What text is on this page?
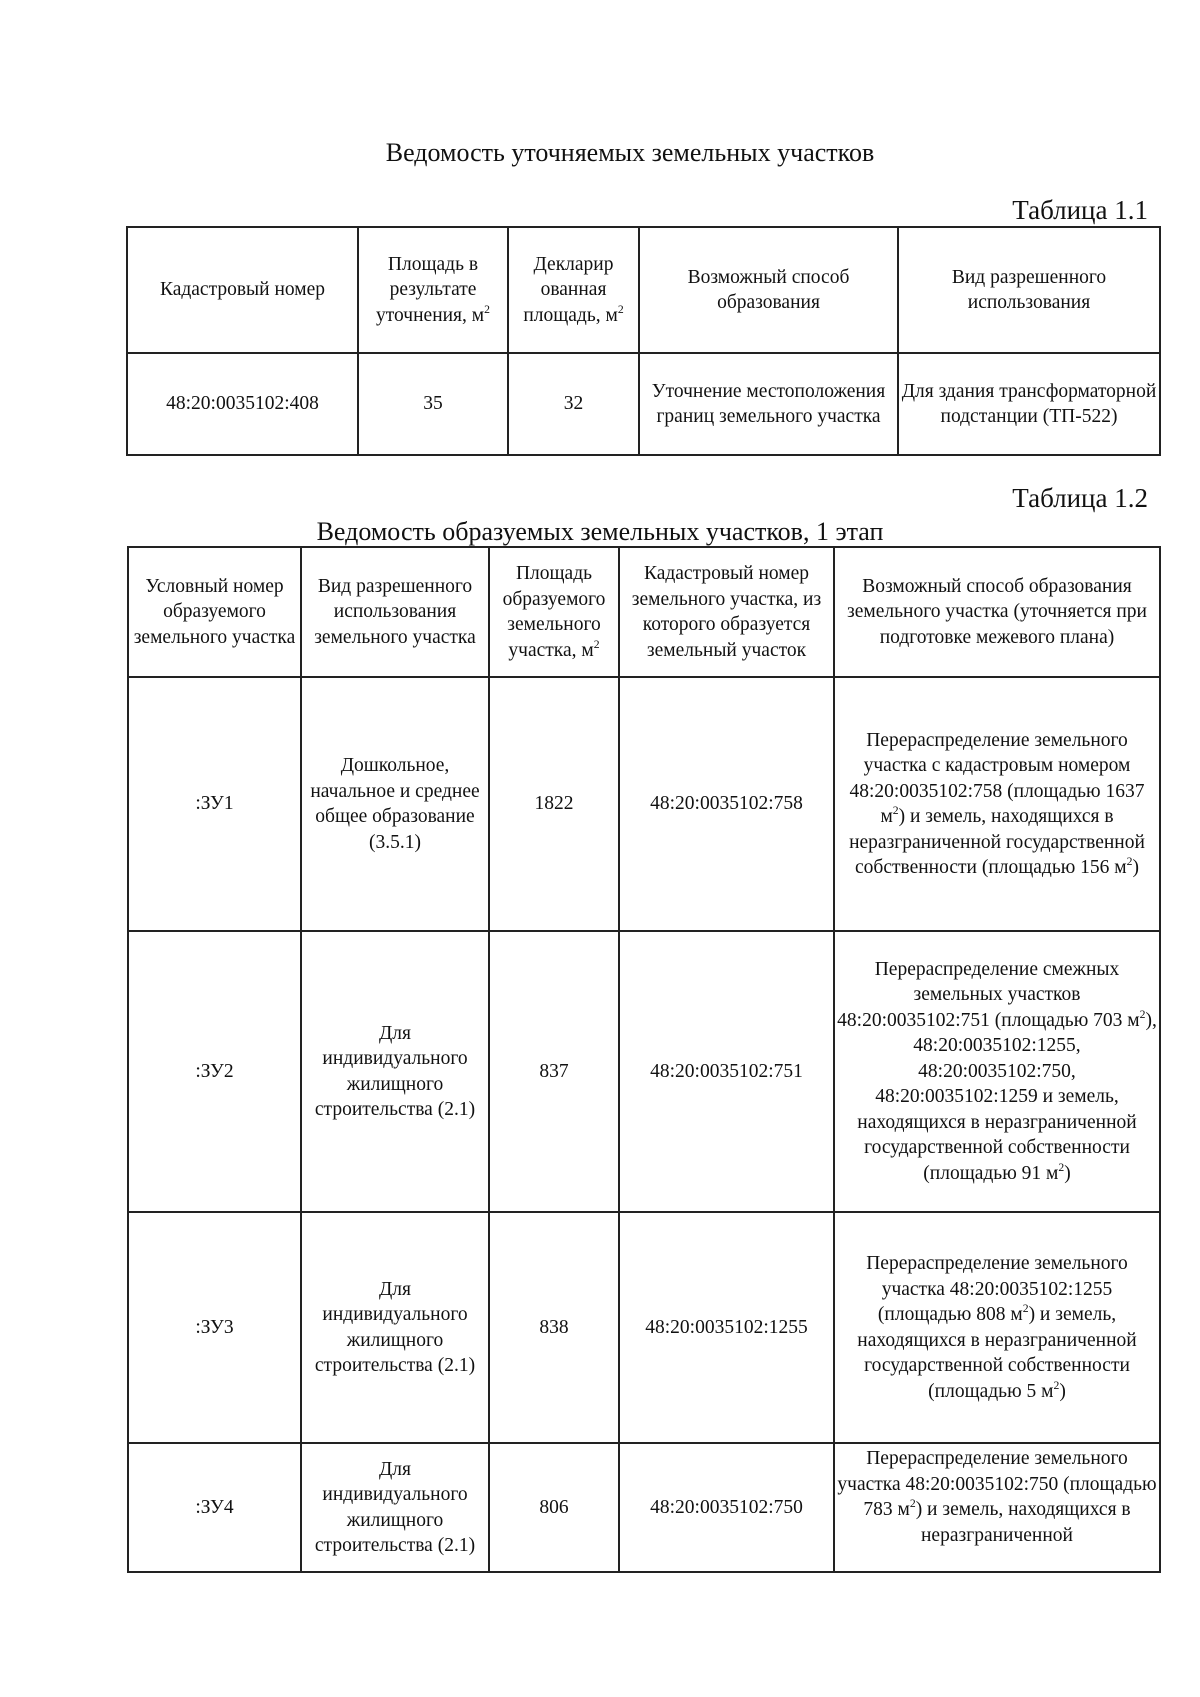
Ведомость уточняемых земельных участков
Таблица 1.1
Кадастровый номер	Площадь в результате уточнения, $м^2$	Декларир ованная площадь, $м^2$	Возможный способ образования	Вид разрешенного использования
48:20:0035102:408	35	32	Уточнение местоположения границ земельного участка	Для здания трансформаторной подстанции (ТП-522)
Таблица 1.2
Ведомость образуемых земельных участков, 1 этап
Условный номер образуемого земельного участка	Вид разрешенного использования земельного участка	Площадь образуемого земельного участка, $м^2$	Кадастровый номер земельного участка, из которого образуется земельный участок	Возможный способ образования земельного участка (уточняется при подготовке межевого плана)
:ЗУ1	Дошкольное, начальное и среднее общее образование (3.5.1)	1822	48:20:0035102:758	Перераспределение земельного участка с кадастровым номером 48:20:0035102:758 (площадью 1637 $м^2$) и земель, находящихся в неразграниченной государственной собственности (площадью 156 $м^2$)
:ЗУ2	Для индивидуального жилищного строительства (2.1)	837	48:20:0035102:751	Перераспределение смежных земельных участков 48:20:0035102:751 (площадью 703 $м^2$), 48:20:0035102:1255, 48:20:0035102:750, 48:20:0035102:1259 и земель, находящихся в неразграниченной государственной собственности (площадью 91 $м^2$)
:ЗУ3	Для индивидуального жилищного строительства (2.1)	838	48:20:0035102:1255	Перераспределение земельного участка 48:20:0035102:1255 (площадью 808 $м^2$) и земель, находящихся в неразграниченной государственной собственности (площадью 5 $м^2$)
:ЗУ4	Для индивидуального жилищного строительства (2.1)	806	48:20:0035102:750	Перераспределение земельного участка 48:20:0035102:750 (площадью 783 $м^2$) и земель, находящихся в неразграниченной
